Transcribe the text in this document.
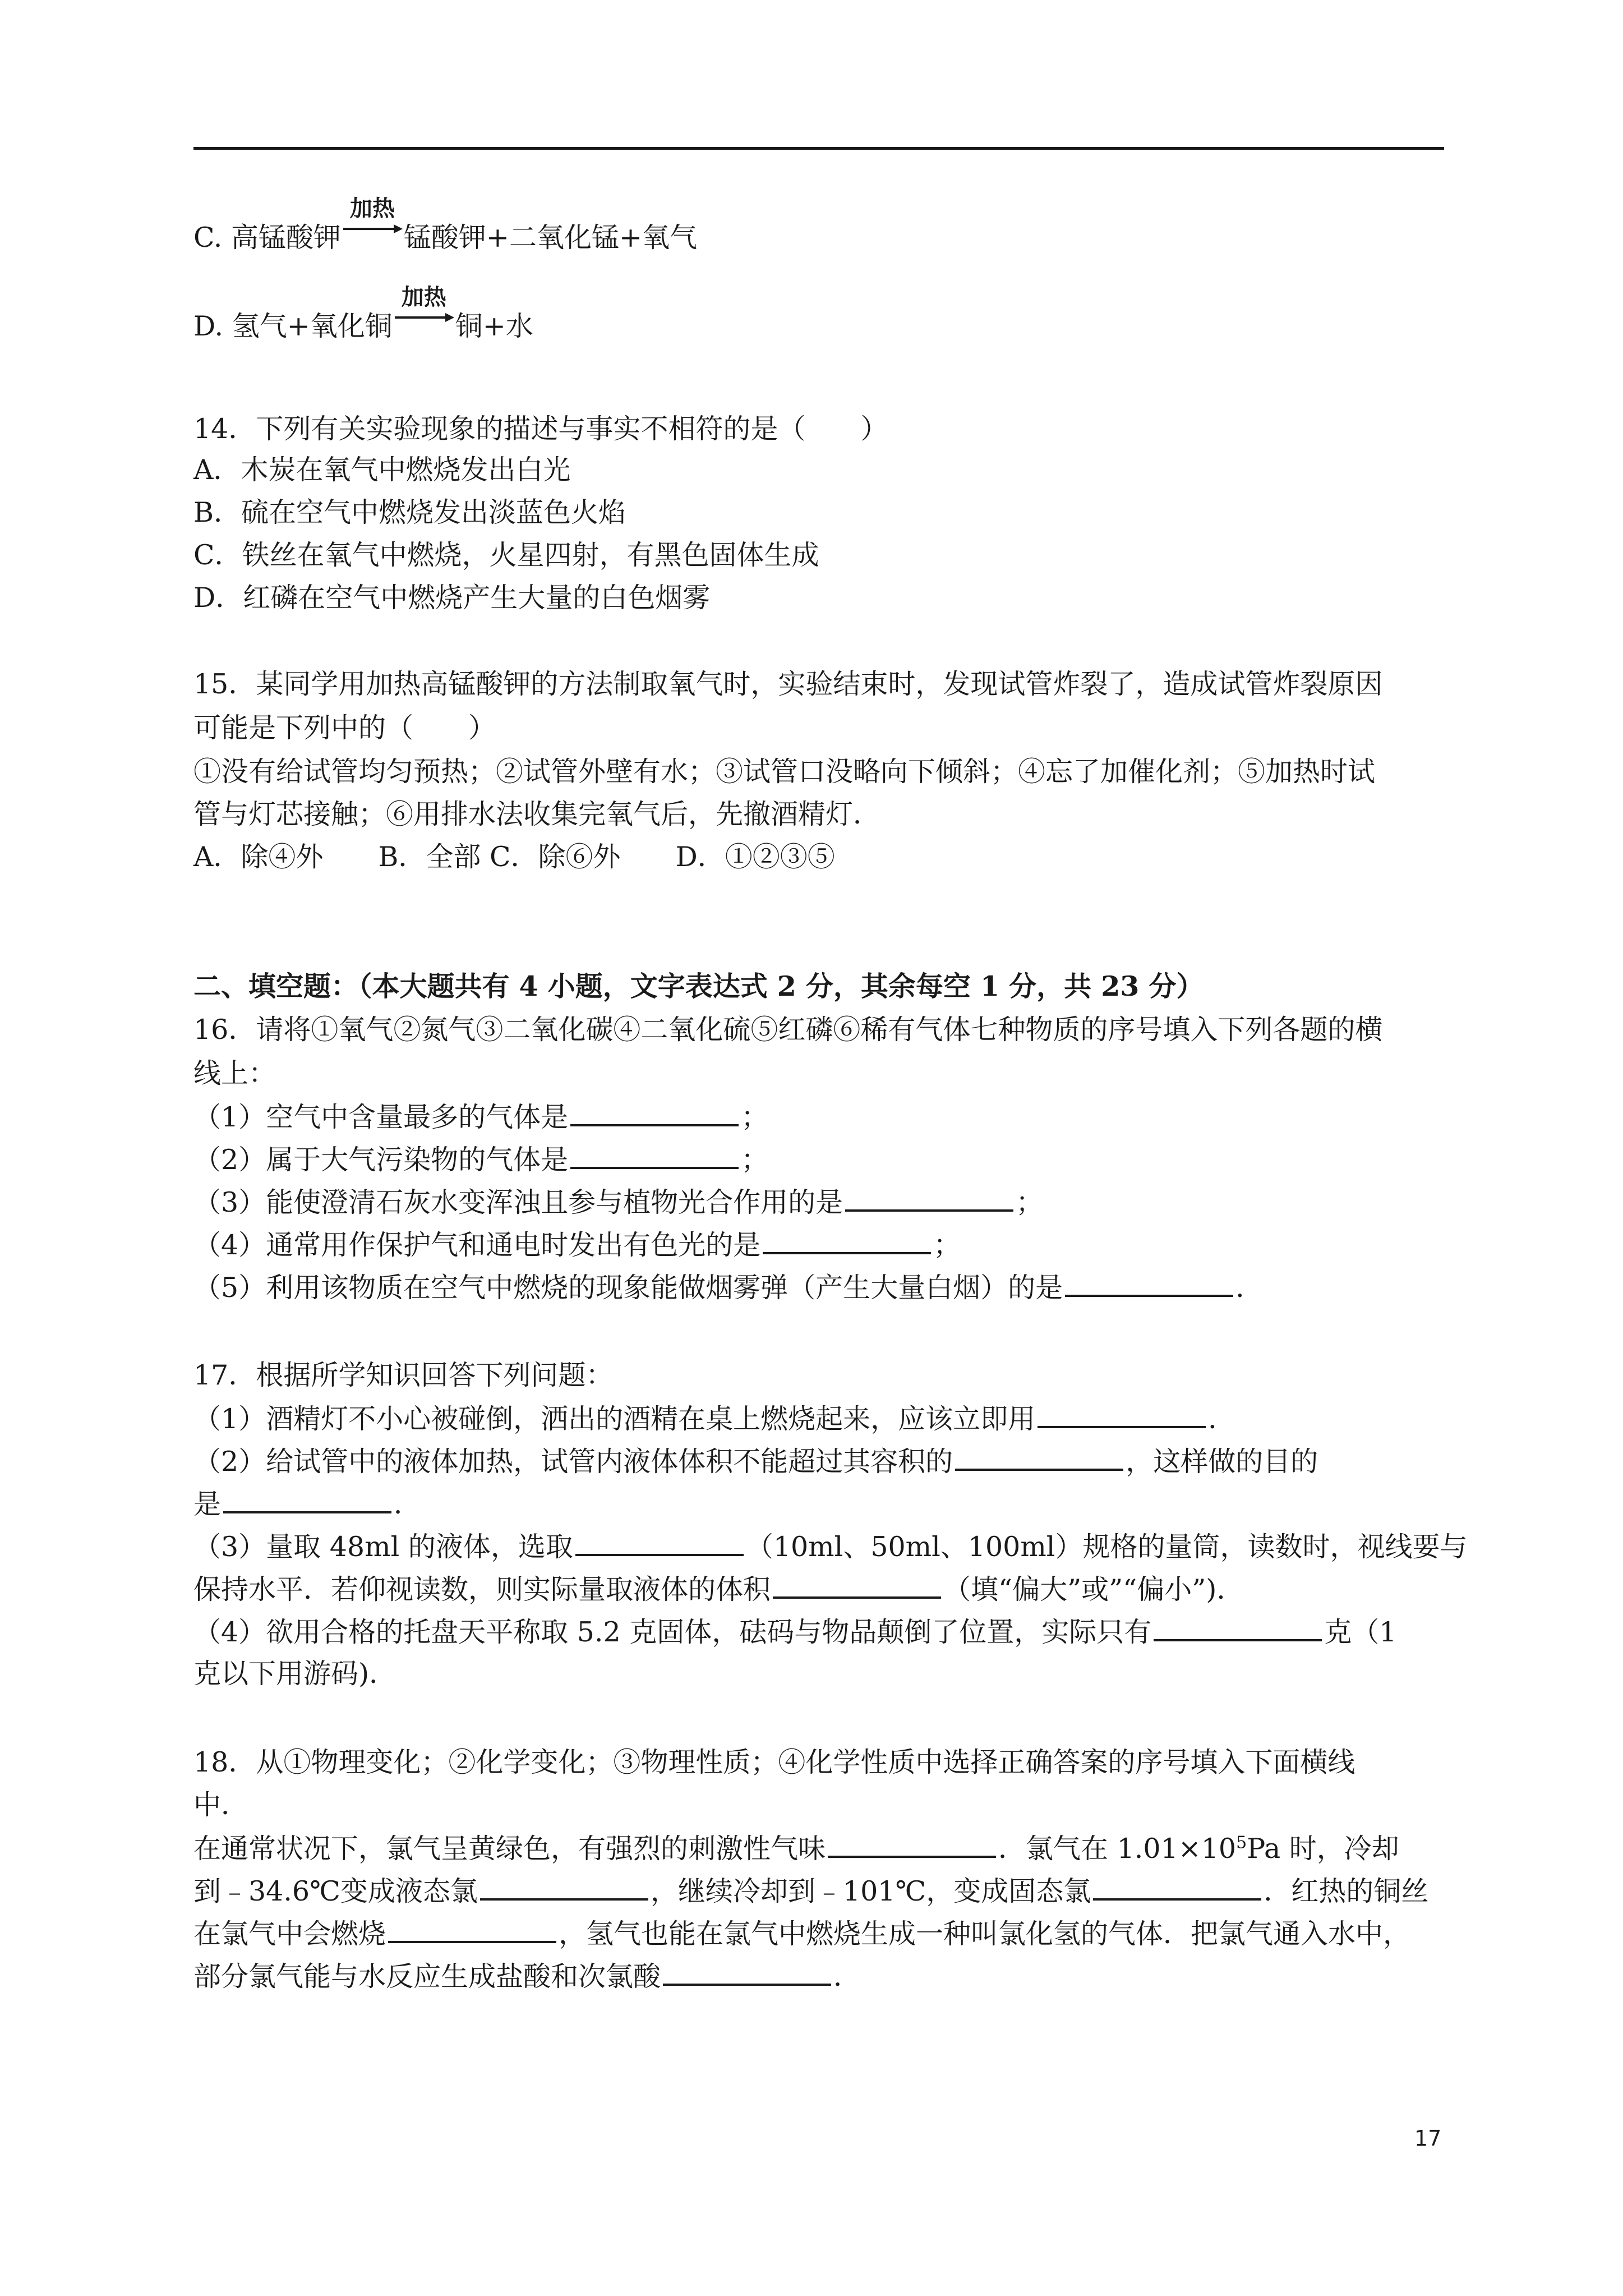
C. 高锰酸钾
加热
锰酸钾+二氧化锰+氧气
D. 氢气+氧化铜
加热
铜+水
14．下列有关实验现象的描述与事实不相符的是（　　）
A．木炭在氧气中燃烧发出白光
B．硫在空气中燃烧发出淡蓝色火焰
C．铁丝在氧气中燃烧，火星四射，有黑色固体生成
D．红磷在空气中燃烧产生大量的白色烟雾
15．某同学用加热高锰酸钾的方法制取氧气时，实验结束时，发现试管炸裂了，造成试管炸裂原因
可能是下列中的（　　）
①没有给试管均匀预热；②试管外壁有水；③试管口没略向下倾斜；④忘了加催化剂；⑤加热时试
管与灯芯接触；⑥用排水法收集完氧气后，先撤酒精灯．
A．除④外　　B．全部 C．除⑥外　　D．①②③⑤
二、填空题：（本大题共有 4 小题，文字表达式 2 分，其余每空 1 分，共 23 分）
16．请将①氧气②氮气③二氧化碳④二氧化硫⑤红磷⑥稀有气体七种物质的序号填入下列各题的横
线上：
（1）空气中含量最多的气体是	；
（2）属于大气污染物的气体是	；
（3）能使澄清石灰水变浑浊且参与植物光合作用的是	；
（4）通常用作保护气和通电时发出有色光的是	；
（5）利用该物质在空气中燃烧的现象能做烟雾弹（产生大量白烟）的是	．
17．根据所学知识回答下列问题：
（1）酒精灯不小心被碰倒，洒出的酒精在桌上燃烧起来，应该立即用	．
（2）给试管中的液体加热，试管内液体体积不能超过其容积的	，这样做的目的
是	．
（3）量取 48ml 的液体，选取	（10ml、50ml、100ml）规格的量筒，读数时，视线要与
保持水平．若仰视读数，则实际量取液体的体积	（填“偏大”或”“偏小”)．
（4）欲用合格的托盘天平称取 5.2 克固体，砝码与物品颠倒了位置，实际只有	克（1
克以下用游码)．
18．从①物理变化；②化学变化；③物理性质；④化学性质中选择正确答案的序号填入下面横线
中．
在通常状况下，氯气呈黄绿色，有强烈的刺激性气味	．氯气在 $1.01\times 10^5Pa$ 时，冷却
到﹣34.6℃变成液态氯	，继续冷却到﹣101℃，变成固态氯	．红热的铜丝
在氯气中会燃烧	，氢气也能在氯气中燃烧生成一种叫氯化氢的气体．把氯气通入水中，
部分氯气能与水反应生成盐酸和次氯酸	．
17
